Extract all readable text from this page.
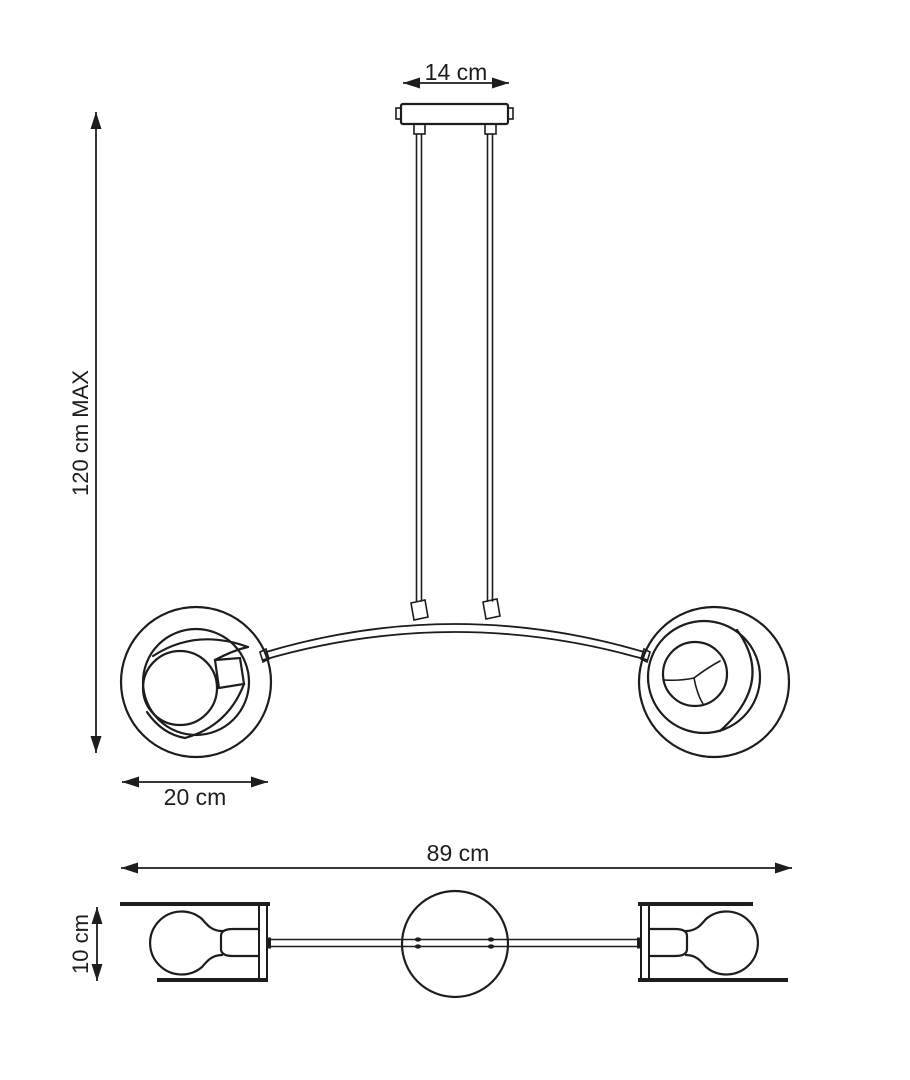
14 cm
120 cm MAX
20 cm
89 cm
10 cm
